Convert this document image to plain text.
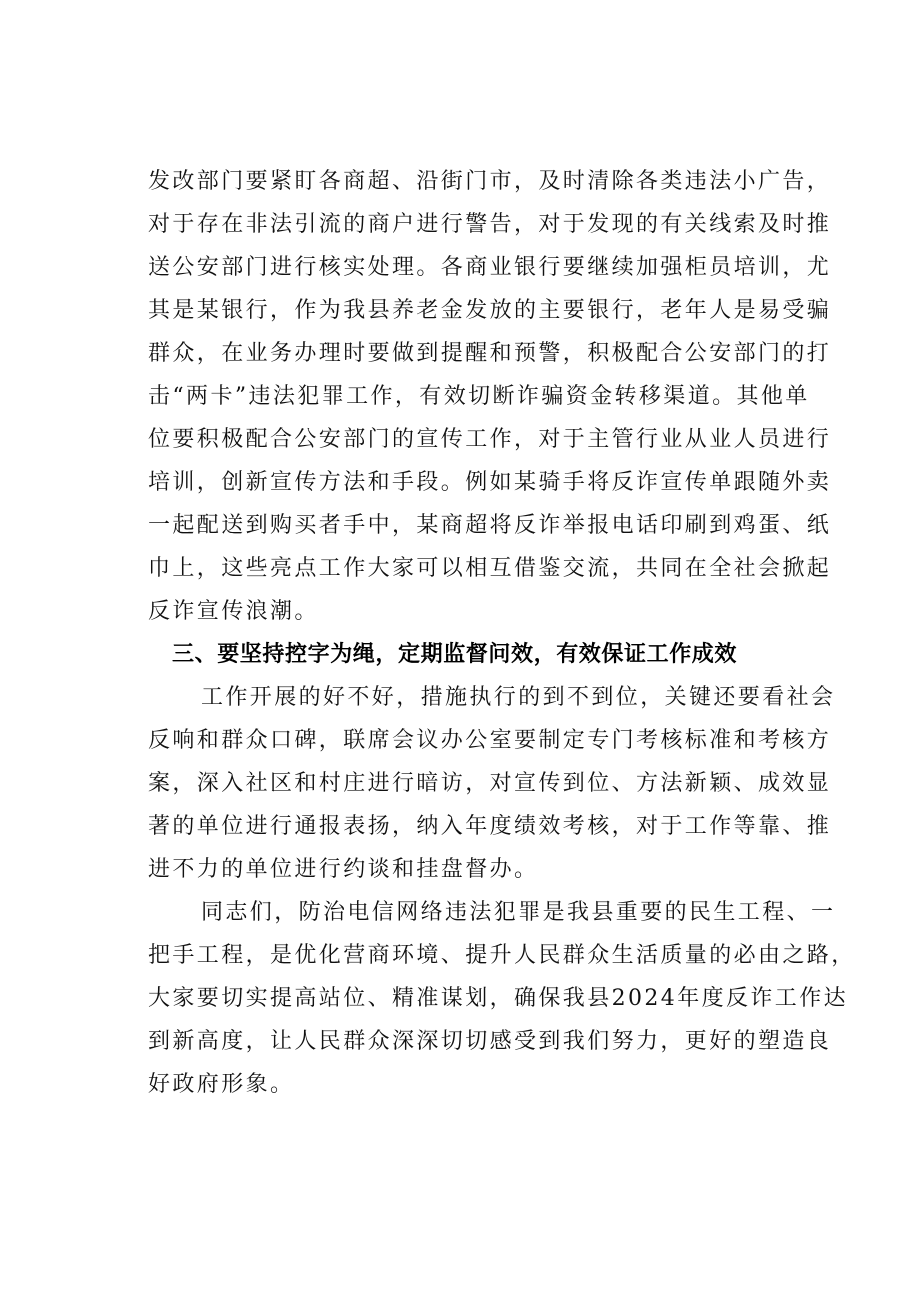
发改部门要紧盯各商超、沿街门市，及时清除各类违法小广告，
对于存在非法引流的商户进行警告，对于发现的有关线索及时推
送公安部门进行核实处理。各商业银行要继续加强柜员培训，尤
其是某银行，作为我县养老金发放的主要银行，老年人是易受骗
群众，在业务办理时要做到提醒和预警，积极配合公安部门的打
击“两卡”违法犯罪工作，有效切断诈骗资金转移渠道。其他单
位要积极配合公安部门的宣传工作，对于主管行业从业人员进行
培训，创新宣传方法和手段。例如某骑手将反诈宣传单跟随外卖
一起配送到购买者手中，某商超将反诈举报电话印刷到鸡蛋、纸
巾上，这些亮点工作大家可以相互借鉴交流，共同在全社会掀起
反诈宣传浪潮。
三、要坚持控字为绳，定期监督问效，有效保证工作成效
工作开展的好不好，措施执行的到不到位，关键还要看社会
反响和群众口碑，联席会议办公室要制定专门考核标准和考核方
案，深入社区和村庄进行暗访，对宣传到位、方法新颖、成效显
著的单位进行通报表扬，纳入年度绩效考核，对于工作等靠、推
进不力的单位进行约谈和挂盘督办。
同志们，防治电信网络违法犯罪是我县重要的民生工程、一
把手工程，是优化营商环境、提升人民群众生活质量的必由之路，
大家要切实提高站位、精准谋划，确保我县2024年度反诈工作达
到新高度，让人民群众深深切切感受到我们努力，更好的塑造良
好政府形象。
